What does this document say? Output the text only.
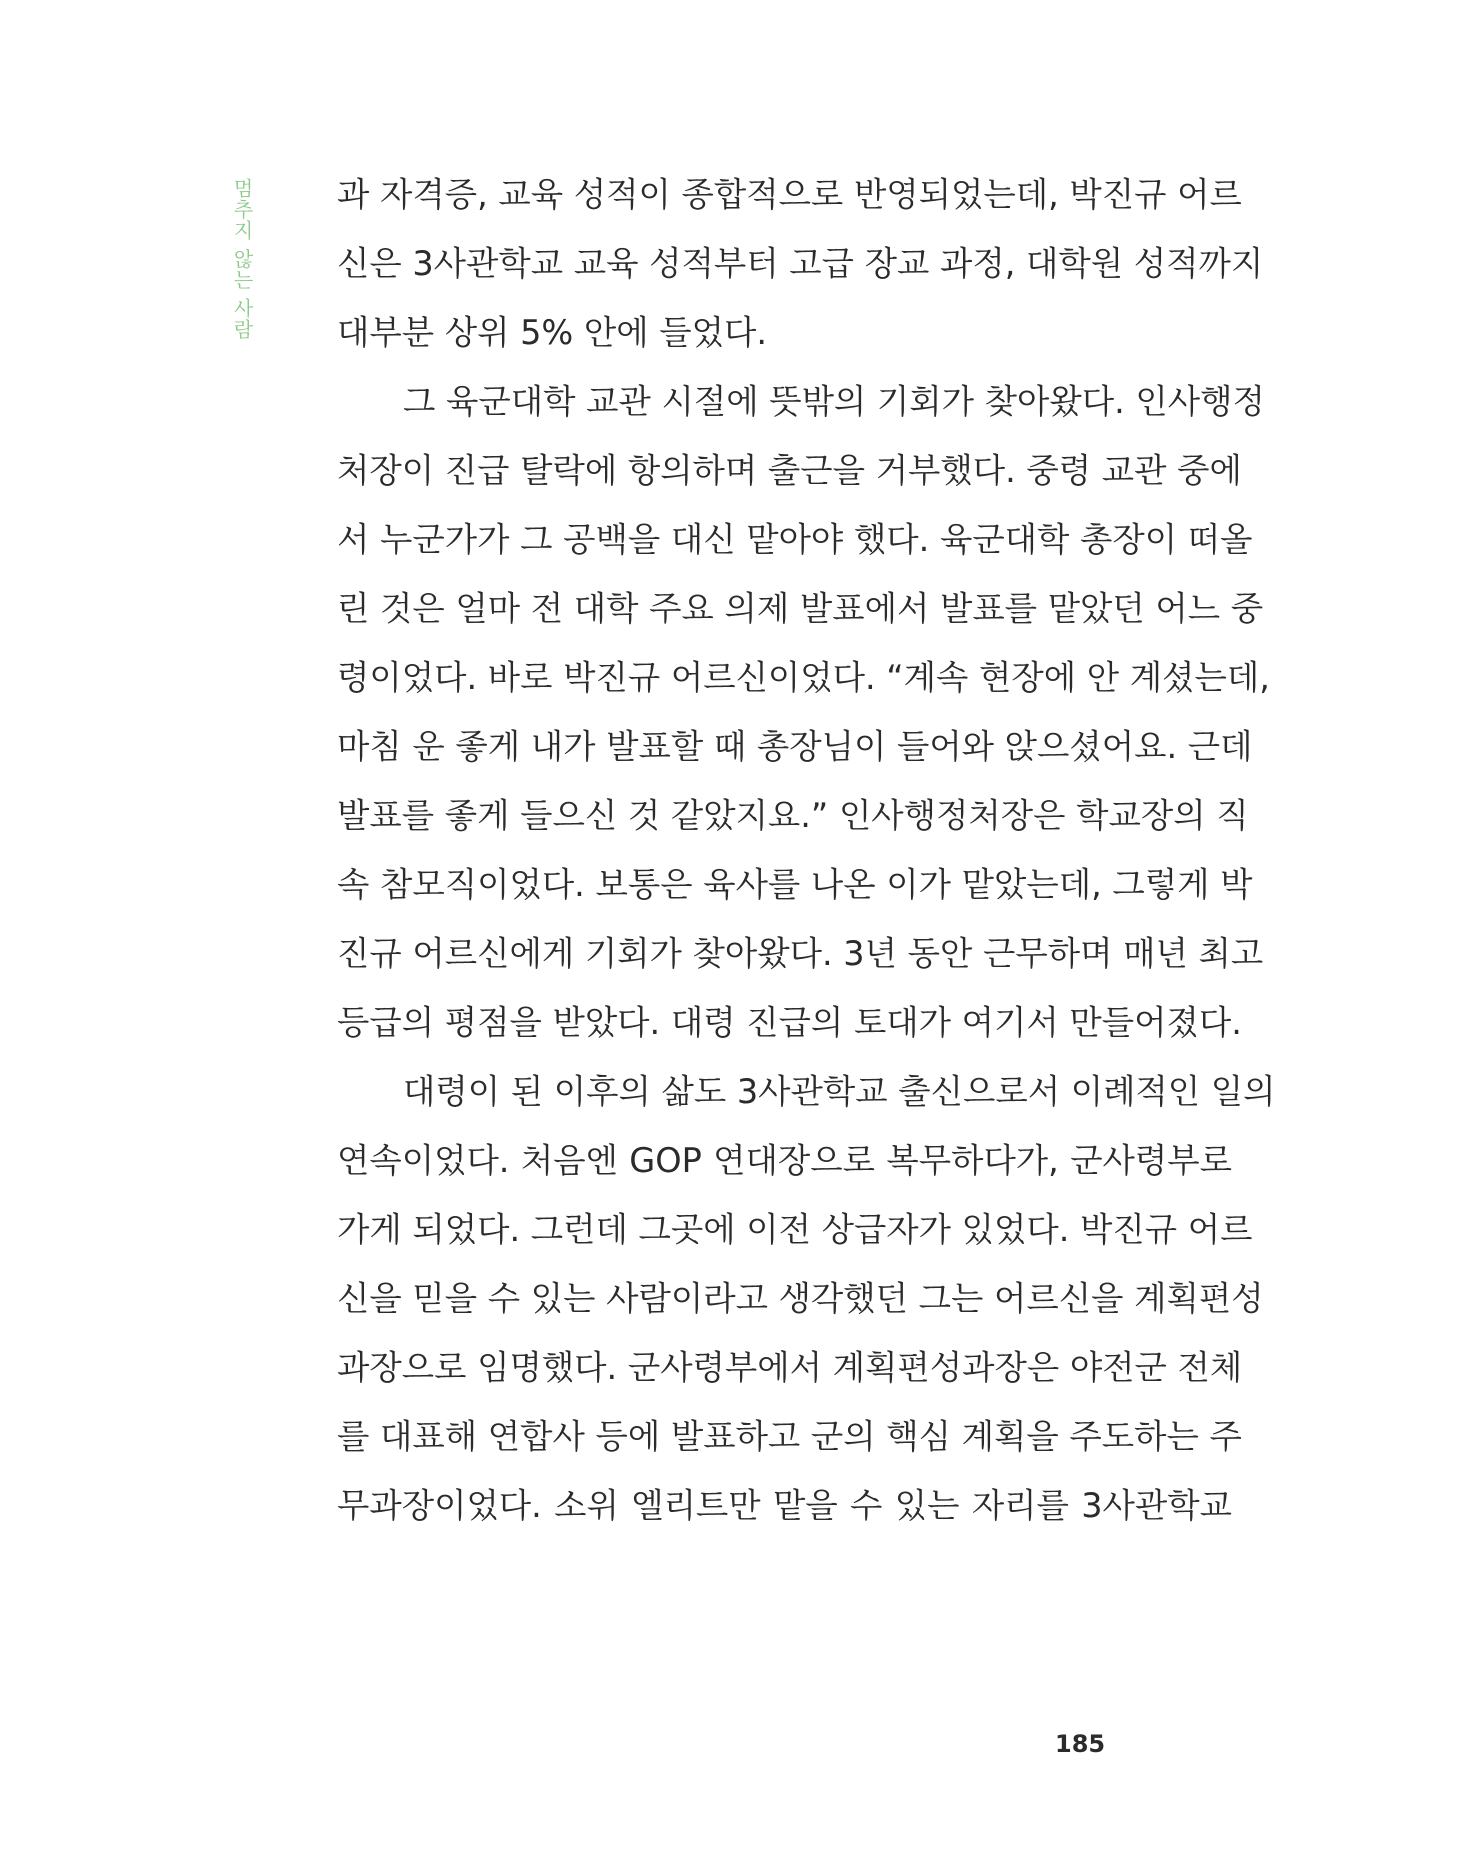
멈추지 않는 사람 과 자격증, 교육 성적이 종합적으로 반영되었는데, 박진규 어르
신은 3사관학교 교육 성적부터 고급 장교 과정, 대학원 성적까지
대부분 상위 5% 안에 들었다.
그 육군대학 교관 시절에 뜻밖의 기회가 찾아왔다. 인사행정
처장이 진급 탈락에 항의하며 출근을 거부했다. 중령 교관 중에
서 누군가가 그 공백을 대신 맡아야 했다. 육군대학 총장이 떠올
린 것은 얼마 전 대학 주요 의제 발표에서 발표를 맡았던 어느 중
령이었다. 바로 박진규 어르신이었다. “계속 현장에 안 계셨는데,
마침 운 좋게 내가 발표할 때 총장님이 들어와 앉으셨어요. 근데
발표를 좋게 들으신 것 같았지요.” 인사행정처장은 학교장의 직
속 참모직이었다. 보통은 육사를 나온 이가 맡았는데, 그렇게 박
진규 어르신에게 기회가 찾아왔다. 3년 동안 근무하며 매년 최고
등급의 평점을 받았다. 대령 진급의 토대가 여기서 만들어졌다.
대령이 된 이후의 삶도 3사관학교 출신으로서 이례적인 일의
연속이었다. 처음엔 GOP 연대장으로 복무하다가, 군사령부로
가게 되었다. 그런데 그곳에 이전 상급자가 있었다. 박진규 어르
신을 믿을 수 있는 사람이라고 생각했던 그는 어르신을 계획편성
과장으로 임명했다. 군사령부에서 계획편성과장은 야전군 전체
를 대표해 연합사 등에 발표하고 군의 핵심 계획을 주도하는 주
무과장이었다. 소위 엘리트만 맡을 수 있는 자리를 3사관학교
185
